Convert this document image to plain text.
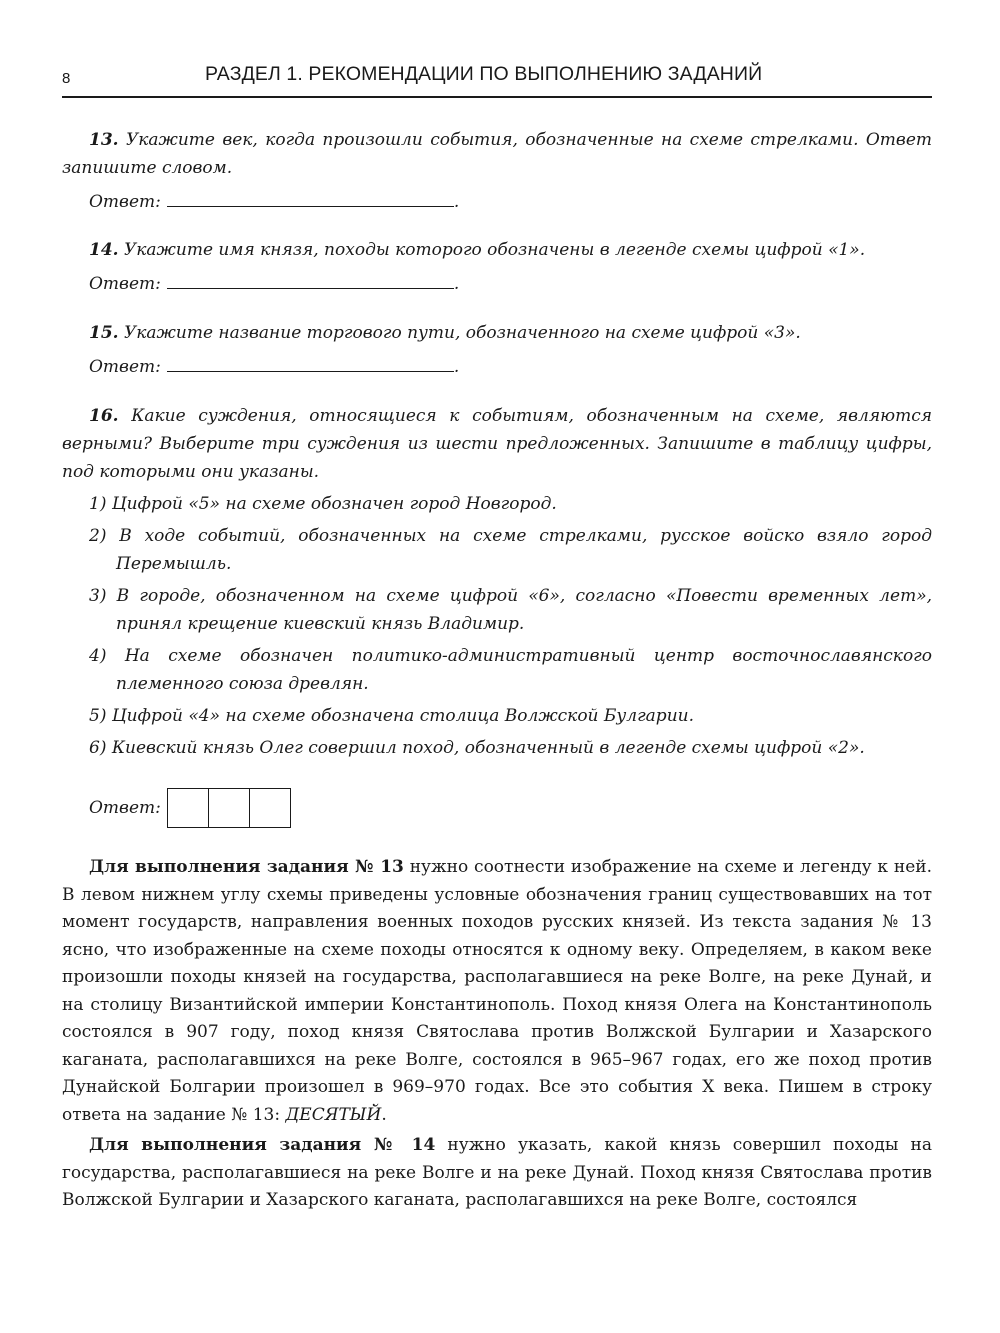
8	РАЗДЕЛ 1. РЕКОМЕНДАЦИИ ПО ВЫПОЛНЕНИЮ ЗАДАНИЙ

13. Укажите век, когда произошли события, обозначенные на схеме стрелками. Ответ запишите словом.

Ответ:	.

14. Укажите имя князя, походы которого обозначены в легенде схемы цифрой «1».

Ответ:	.

15. Укажите название торгового пути, обозначенного на схеме цифрой «3».

Ответ:	.

16. Какие суждения, относящиеся к событиям, обозначенным на схеме, являются верными? Выберите три суждения из шести предложенных. Запишите в таблицу цифры, под которыми они указаны.

1) Цифрой «5» на схеме обозначен город Новгород.
2) В ходе событий, обозначенных на схеме стрелками, русское войско взяло город Перемышль.
3) В городе, обозначенном на схеме цифрой «6», согласно «Повести временных лет», принял крещение киевский князь Владимир.
4) На схеме обозначен политико-административный центр восточнославянского племенного союза древлян.
5) Цифрой «4» на схеме обозначена столица Волжской Булгарии.
6) Киевский князь Олег совершил поход, обозначенный в легенде схемы цифрой «2».
Ответ:

Для выполнения задания № 13 нужно соотнести изображение на схеме и легенду к ней. В левом нижнем углу схемы приведены условные обозначения границ существовавших на тот момент государств, направления военных походов русских князей. Из текста задания № 13 ясно, что изображенные на схеме походы относятся к одному веку. Определяем, в каком веке произошли походы князей на государства, располагавшиеся на реке Волге, на реке Дунай, и на столицу Византийской империи Константинополь. Поход князя Олега на Константинополь состоялся в 907 году, поход князя Святослава против Волжской Булгарии и Хазарского каганата, располагавшихся на реке Волге, состоялся в 965–967 годах, его же поход против Дунайской Болгарии произошел в 969–970 годах. Все это события X века. Пишем в строку ответа на задание № 13: ДЕСЯТЫЙ.

Для выполнения задания № 14 нужно указать, какой князь совершил походы на государства, располагавшиеся на реке Волге и на реке Дунай. Поход князя Святослава против Волжской Булгарии и Хазарского каганата, располагавшихся на реке Волге, состоялся
